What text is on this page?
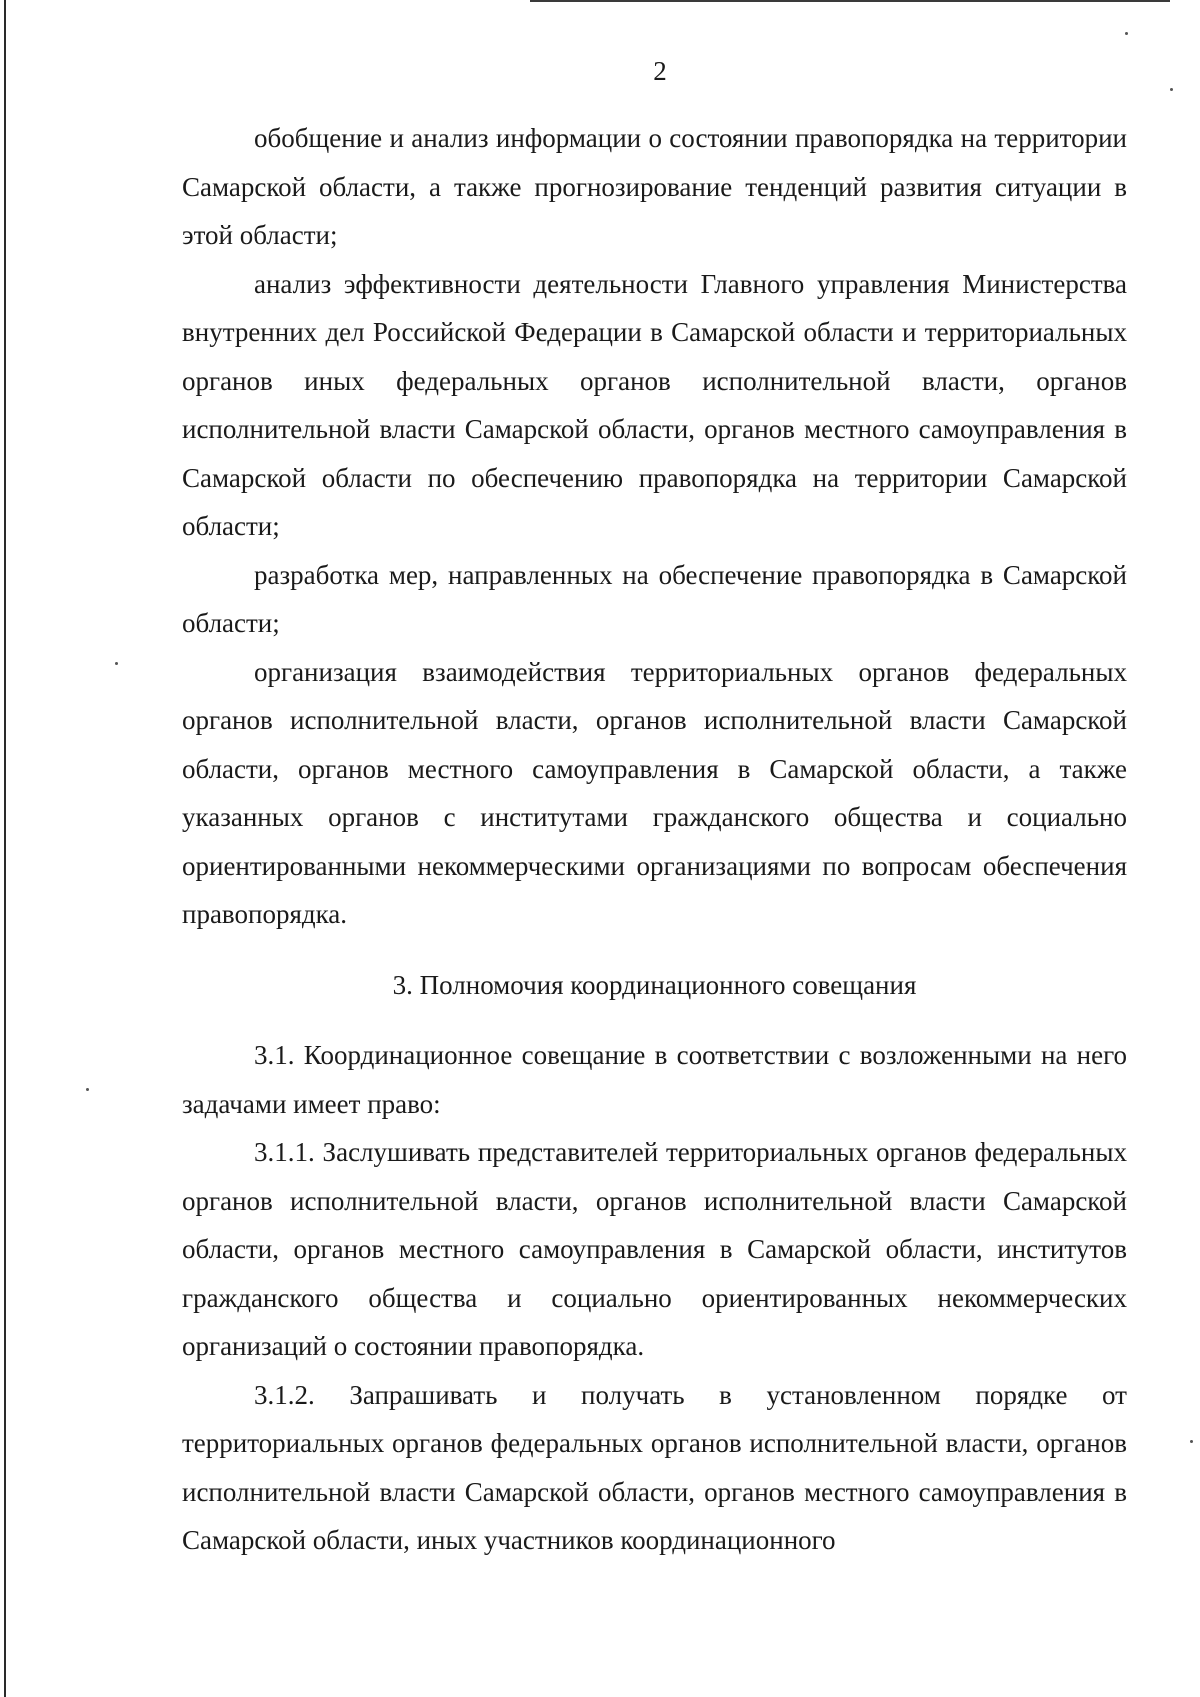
2

обобщение и анализ информации о состоянии правопорядка на территории Самарской области, а также прогнозирование тенденций развития ситуации в этой области;

анализ эффективности деятельности Главного управления Министерства внутренних дел Российской Федерации в Самарской области и территориальных органов иных федеральных органов исполнительной власти, органов исполнительной власти Самарской области, органов местного самоуправления в Самарской области по обеспечению правопорядка на территории Самарской области;

разработка мер, направленных на обеспечение правопорядка в Самарской области;

организация взаимодействия территориальных органов федеральных органов исполнительной власти, органов исполнительной власти Самарской области, органов местного самоуправления в Самарской области, а также указанных органов с институтами гражданского общества и социально ориентированными некоммерческими организациями по вопросам обеспечения правопорядка.

3. Полномочия координационного совещания

3.1. Координационное совещание в соответствии с возложенными на него задачами имеет право:

3.1.1. Заслушивать представителей территориальных органов федеральных органов исполнительной власти, органов исполнительной власти Самарской области, органов местного самоуправления в Самарской области, институтов гражданского общества и социально ориентированных некоммерческих организаций о состоянии правопорядка.

3.1.2. Запрашивать и получать в установленном порядке от территориальных органов федеральных органов исполнительной власти, органов исполнительной власти Самарской области, органов местного самоуправления в Самарской области, иных участников координационного
